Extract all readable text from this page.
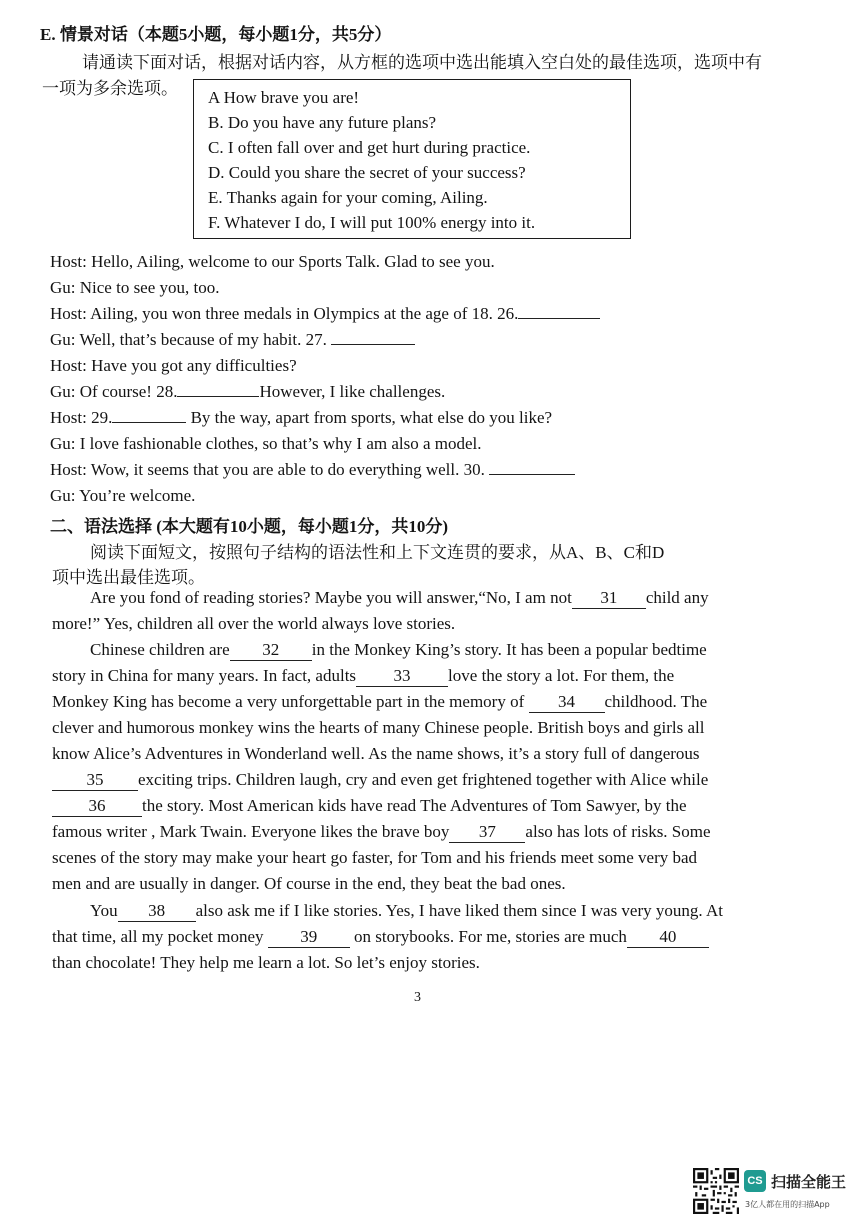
E. 情景对话（本题5小题，每小题1分，共5分）
请通读下面对话，根据对话内容，从方框的选项中选出能填入空白处的最佳选项，选项中有
一项为多余选项。 A How brave you are!
B. Do you have any future plans?
C. I often fall over and get hurt during practice.
D. Could you share the secret of your success?
E. Thanks again for your coming, Ailing.
F. Whatever I do, I will put 100% energy into it.
Host: Hello, Ailing, welcome to our Sports Talk. Glad to see you.
Gu: Nice to see you, too.
Host: Ailing, you won three medals in Olympics at the age of 18. 26.
Gu: Well, that’s because of my habit. 27.
Host: Have you got any difficulties?
Gu: Of course! 28.	However, I like challenges.
Host: 29.	By the way, apart from sports, what else do you like?
Gu: I love fashionable clothes, so that’s why I am also a model.
Host: Wow, it seems that you are able to do everything well. 30.
Gu: You’re welcome.
二、语法选择 (本大题有10小题，每小题1分，共10分)
阅读下面短文，按照句子结构的语法性和上下文连贯的要求，从A、B、C和D
项中选出最佳选项。
Are you fond of reading stories? Maybe you will answer,“No, I am not 31 child any
more!” Yes, children all over the world always love stories.
Chinese children are 32 in the Monkey King’s story. It has been a popular bedtime
story in China for many years. In fact, adults 33 love the story a lot. For them, the
Monkey King has become a very unforgettable part in the memory of 34 childhood. The
clever and humorous monkey wins the hearts of many Chinese people. British boys and girls all
know Alice’s Adventures in Wonderland well. As the name shows, it’s a story full of dangerous
35 exciting trips. Children laugh, cry and even get frightened together with Alice while
36 the story. Most American kids have read The Adventures of Tom Sawyer, by the
famous writer , Mark Twain. Everyone likes the brave boy 37 also has lots of risks. Some
scenes of the story may make your heart go faster, for Tom and his friends meet some very bad
men and are usually in danger. Of course in the end, they beat the bad ones.
You 38 also ask me if I like stories. Yes, I have liked them since I was very young. At
that time, all my pocket money 39 on storybooks. For me, stories are much 40
than chocolate! They help me learn a lot. So let’s enjoy stories.
3
CS 扫描全能王
3亿人都在用的扫描App
